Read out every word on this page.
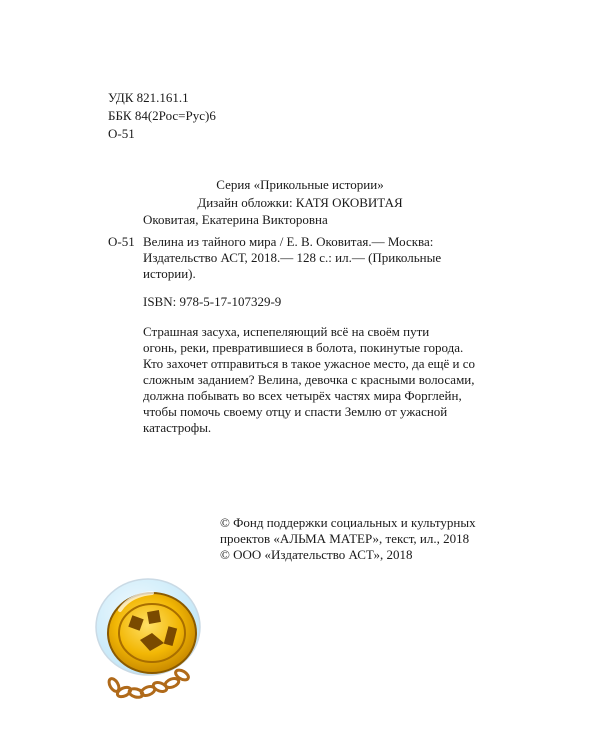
УДК 821.161.1
ББК 84(2Рос=Рус)6
О-51
Серия «Прикольные истории»
Дизайн обложки: КАТЯ ОКОВИТАЯ
Оковитая, Екатерина Викторовна
О-51 Велина из тайного мира / Е. В. Оковитая.— Москва:
Издательство АСТ, 2018.— 128 с.: ил.— (Прикольные
истории).
ISBN: 978-5-17-107329-9
Страшная засуха, испепеляющий всё на своём пути
огонь, реки, превратившиеся в болота, покинутые города.
Кто захочет отправиться в такое ужасное место, да ещё и со
сложным заданием? Велина, девочка с красными волосами,
должна побывать во всех четырёх частях мира Форглейн,
чтобы помочь своему отцу и спасти Землю от ужасной
катастрофы.
© Фонд поддержки социальных и культурных
проектов «АЛЬМА МАТЕР», текст, ил., 2018
© ООО «Издательство АСТ», 2018
